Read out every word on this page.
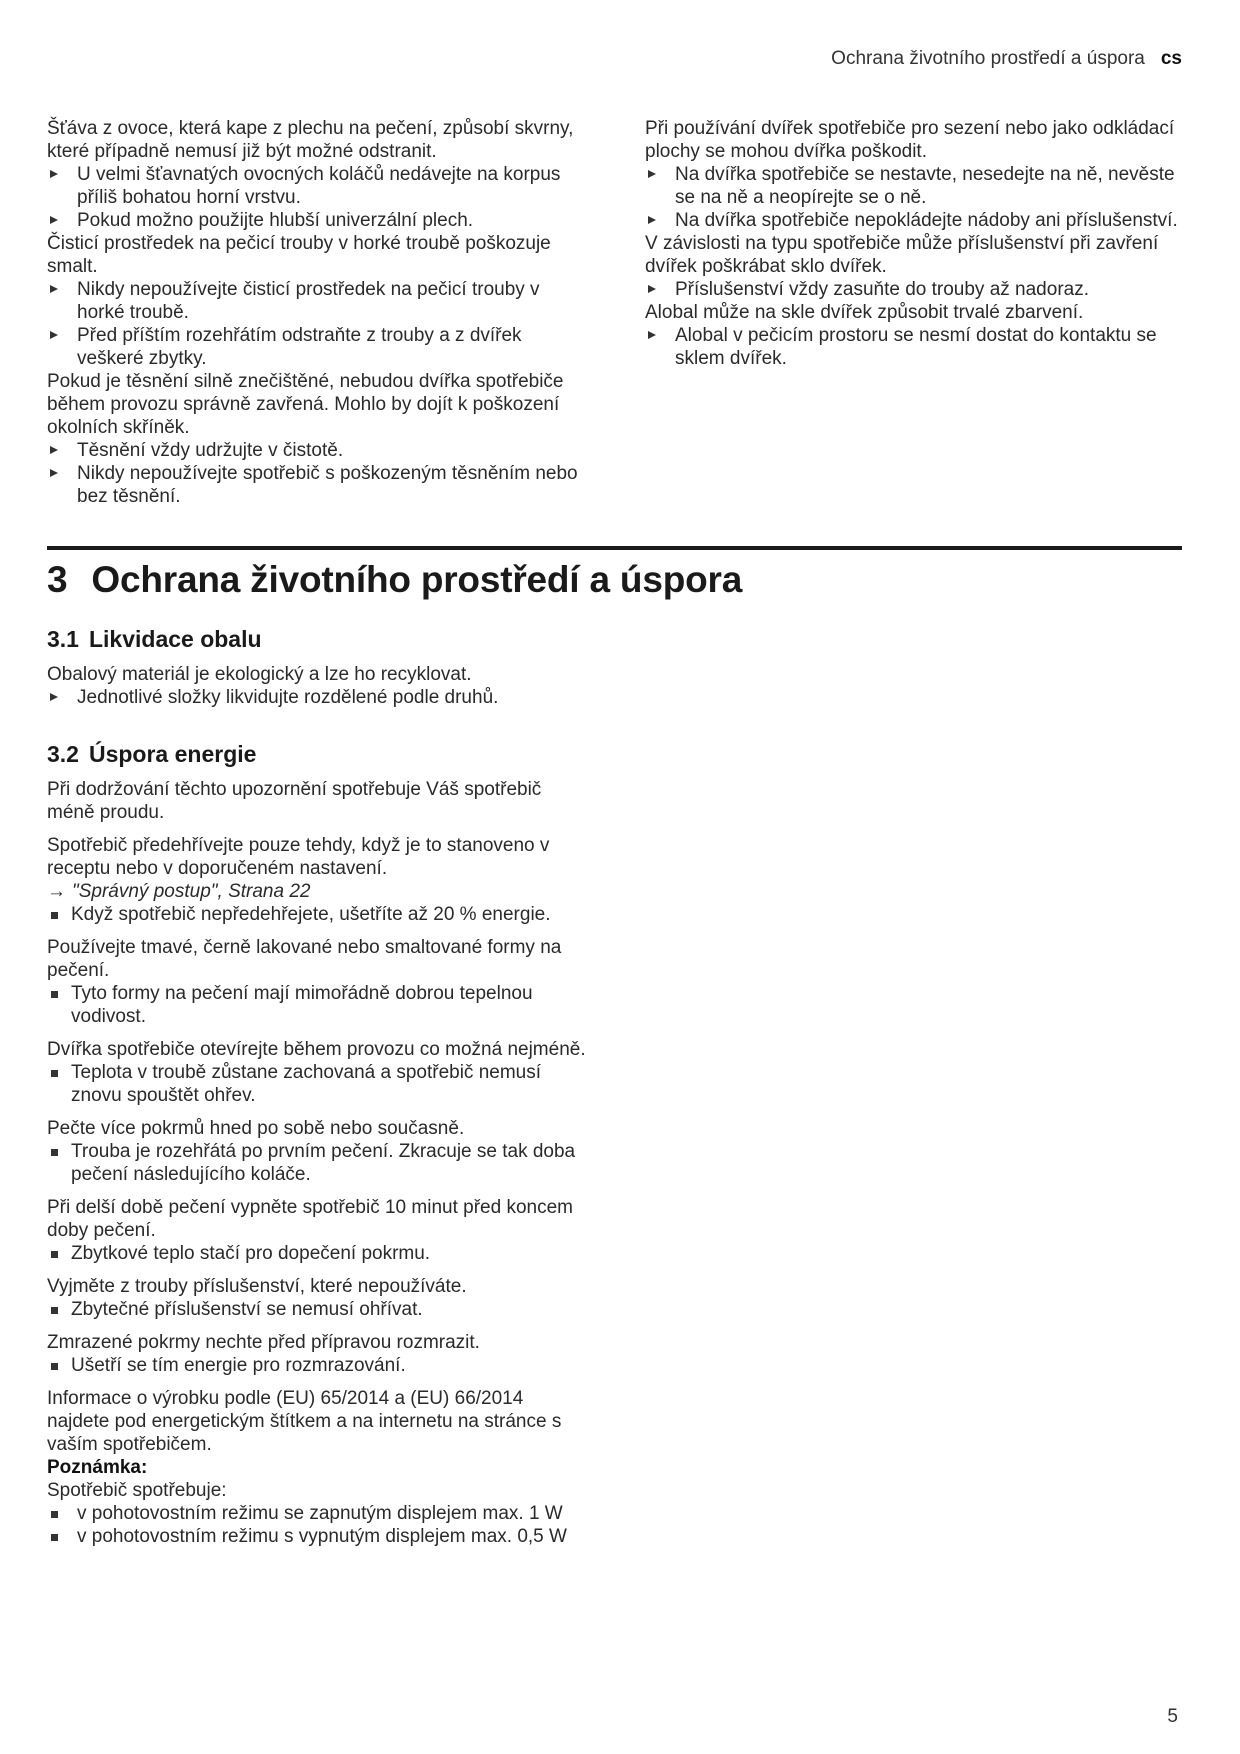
Ochrana životního prostředí a úspora cs

Šťáva z ovoce, která kape z plechu na pečení, způsobí skvrny, které případně nemusí již být možné odstranit.

U velmi šťavnatých ovocných koláčů nedávejte na korpus příliš bohatou horní vrstvu.
Pokud možno použijte hlubší univerzální plech.

Čisticí prostředek na pečicí trouby v horké troubě poškozuje smalt.

Nikdy nepoužívejte čisticí prostředek na pečicí trouby v horké troubě.
Před příštím rozehřátím odstraňte z trouby a z dvířek veškeré zbytky.

Pokud je těsnění silně znečištěné, nebudou dvířka spotřebiče během provozu správně zavřená. Mohlo by dojít k poškození okolních skříněk.

Těsnění vždy udržujte v čistotě.
Nikdy nepoužívejte spotřebič s poškozeným těsněním nebo bez těsnění.

Při používání dvířek spotřebiče pro sezení nebo jako odkládací plochy se mohou dvířka poškodit.

Na dvířka spotřebiče se nestavte, nesedejte na ně, nevěste se na ně a neopírejte se o ně.
Na dvířka spotřebiče nepokládejte nádoby ani příslušenství.

V závislosti na typu spotřebiče může příslušenství při zavření dvířek poškrábat sklo dvířek.

Příslušenství vždy zasuňte do trouby až nadoraz.

Alobal může na skle dvířek způsobit trvalé zbarvení.

Alobal v pečicím prostoru se nesmí dostat do kontaktu se sklem dvířek.
3 Ochrana životního prostředí a úspora
3.1 Likvidace obalu

Obalový materiál je ekologický a lze ho recyklovat.

Jednotlivé složky likvidujte rozdělené podle druhů.
3.2 Úspora energie

Při dodržování těchto upozornění spotřebuje Váš spotřebič méně proudu.

Spotřebič předehřívejte pouze tehdy, když je to stanoveno v receptu nebo v doporučeném nastavení.

→ "Správný postup", Strana 22

Když spotřebič nepředehřejete, ušetříte až 20 % energie.

Používejte tmavé, černě lakované nebo smaltované formy na pečení.

Tyto formy na pečení mají mimořádně dobrou tepelnou vodivost.

Dvířka spotřebiče otevírejte během provozu co možná nejméně.

Teplota v troubě zůstane zachovaná a spotřebič nemusí znovu spouštět ohřev.

Pečte více pokrmů hned po sobě nebo současně.

Trouba je rozehřátá po prvním pečení. Zkracuje se tak doba pečení následujícího koláče.

Při delší době pečení vypněte spotřebič 10 minut před koncem doby pečení.

Zbytkové teplo stačí pro dopečení pokrmu.

Vyjměte z trouby příslušenství, které nepoužíváte.

Zbytečné příslušenství se nemusí ohřívat.

Zmrazené pokrmy nechte před přípravou rozmrazit.

Ušetří se tím energie pro rozmrazování.

Informace o výrobku podle (EU) 65/2014 a (EU) 66/2014 najdete pod energetickým štítkem a na internetu na stránce s vaším spotřebičem.

Poznámka:

Spotřebič spotřebuje:

v pohotovostním režimu se zapnutým displejem max. 1 W
v pohotovostním režimu s vypnutým displejem max. 0,5 W
5
